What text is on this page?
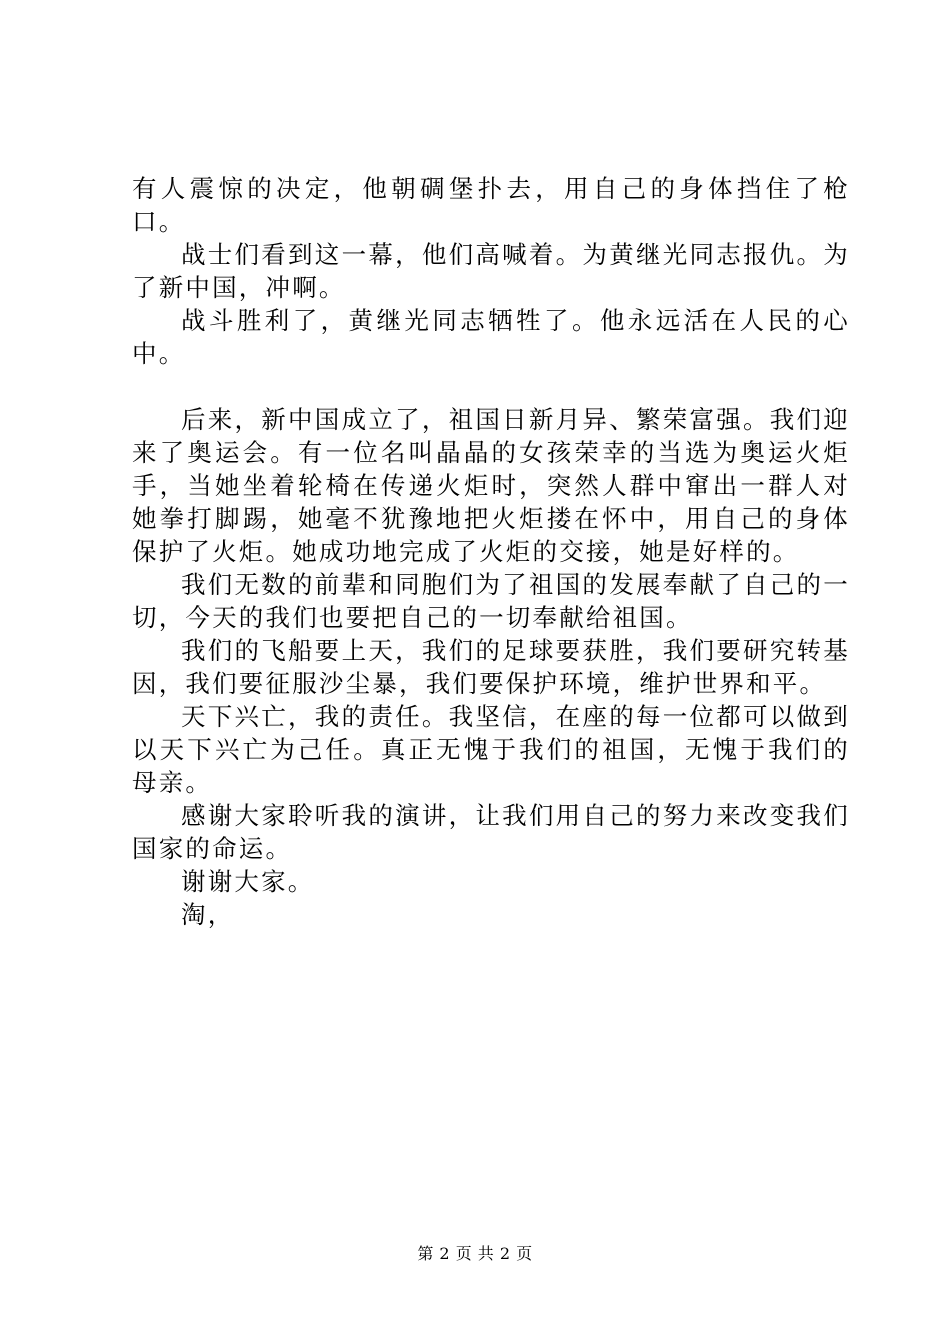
有人震惊的决定，他朝碉堡扑去，用自己的身体挡住了枪口。

战士们看到这一幕，他们高喊着。为黄继光同志报仇。为了新中国，冲啊。

战斗胜利了，黄继光同志牺牲了。他永远活在人民的心中。

后来，新中国成立了，祖国日新月异、繁荣富强。我们迎来了奥运会。有一位名叫晶晶的女孩荣幸的当选为奥运火炬手，当她坐着轮椅在传递火炬时，突然人群中窜出一群人对她拳打脚踢，她毫不犹豫地把火炬搂在怀中，用自己的身体保护了火炬。她成功地完成了火炬的交接，她是好样的。

我们无数的前辈和同胞们为了祖国的发展奉献了自己的一切，今天的我们也要把自己的一切奉献给祖国。

我们的飞船要上天，我们的足球要获胜，我们要研究转基因，我们要征服沙尘暴，我们要保护环境，维护世界和平。

天下兴亡，我的责任。我坚信，在座的每一位都可以做到以天下兴亡为己任。真正无愧于我们的祖国，无愧于我们的母亲。

感谢大家聆听我的演讲，让我们用自己的努力来改变我们国家的命运。

谢谢大家。

淘，

第 2 页 共 2 页
